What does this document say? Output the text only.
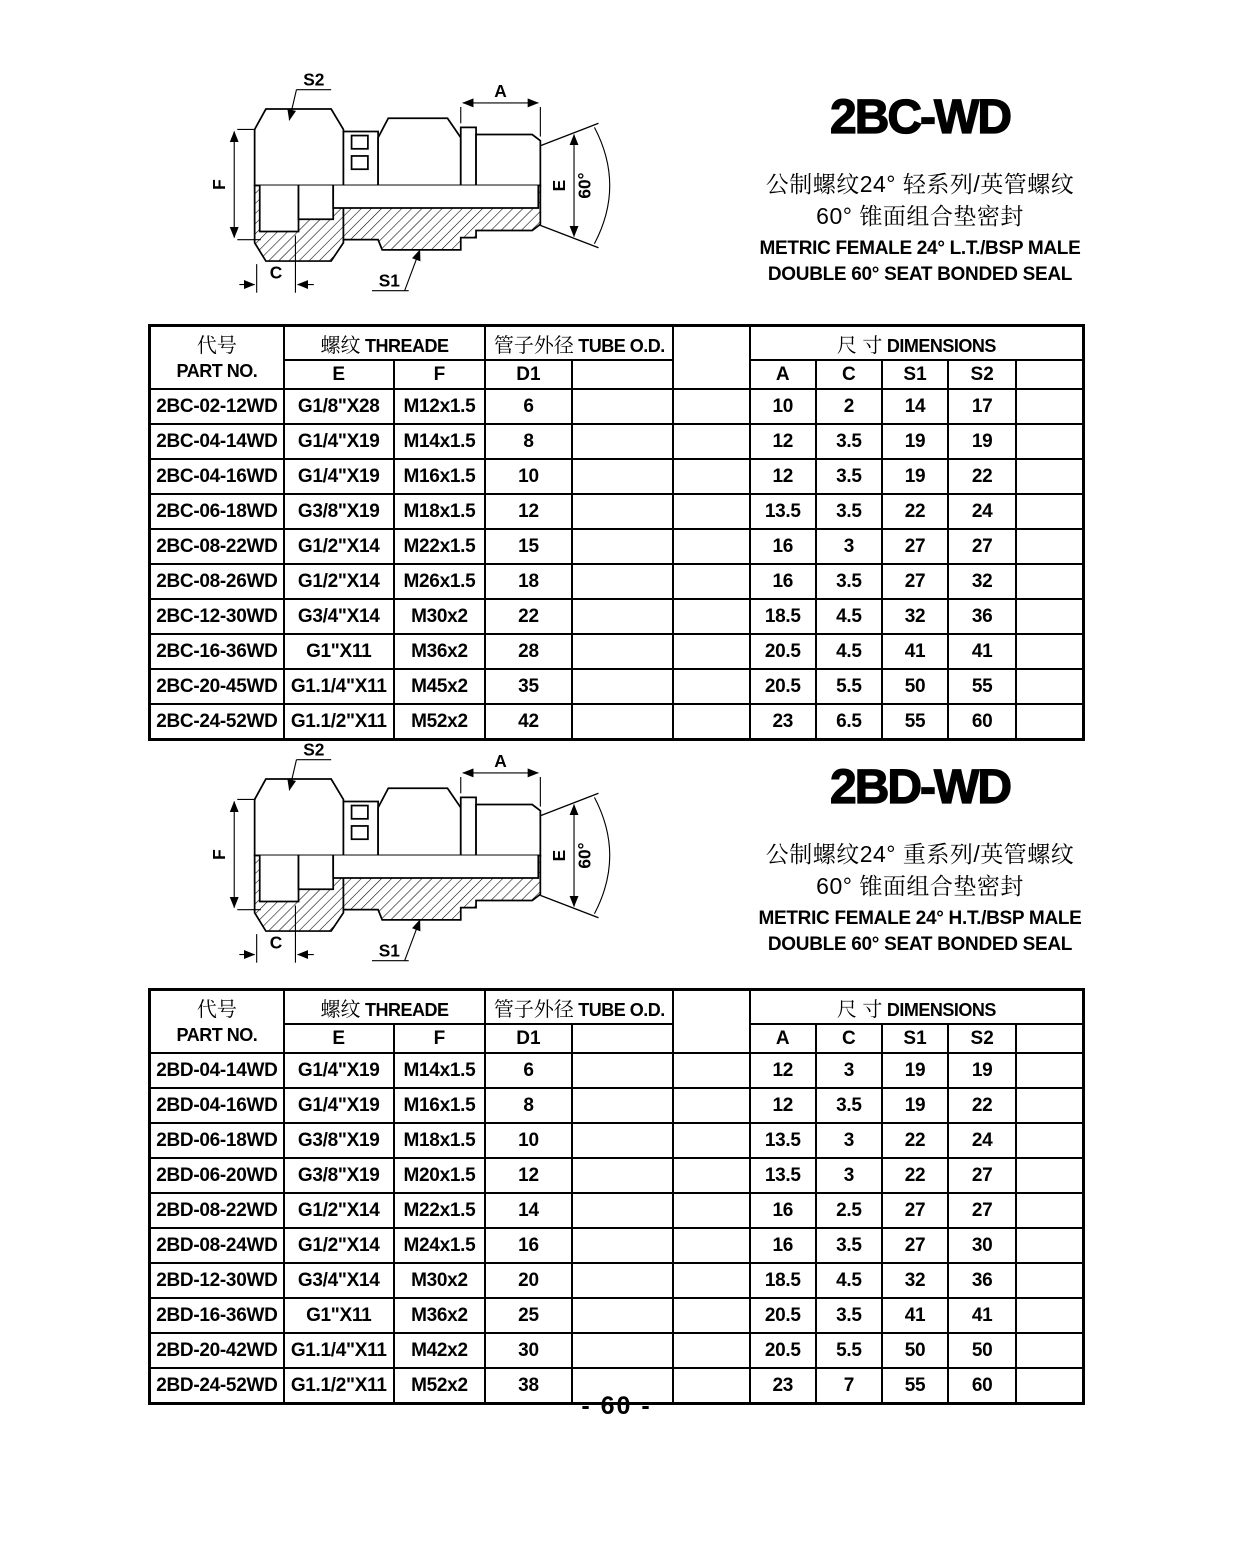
S2
A
F	E 60°
C	S1
2BC-WD
公制螺纹24° 轻系列/英管螺纹
60° 锥面组合垫密封
METRIC FEMALE 24° L.T./BSP MALE
DOUBLE 60° SEAT BONDED SEAL
代号
PART NO.	螺纹 THREADE		管子外径 TUBE O.D.			尺 寸 DIMENSIONS				
	E	F	D1			A	C	S1	S2	
2BC-02-12WD	G1/8"X28	M12x1.5	6			10	2	14	17	
2BC-04-14WD	G1/4"X19	M14x1.5	8			12	3.5	19	19	
2BC-04-16WD	G1/4"X19	M16x1.5	10			12	3.5	19	22	
2BC-06-18WD	G3/8"X19	M18x1.5	12			13.5	3.5	22	24	
2BC-08-22WD	G1/2"X14	M22x1.5	15			16	3	27	27	
2BC-08-26WD	G1/2"X14	M26x1.5	18			16	3.5	27	32	
2BC-12-30WD	G3/4"X14	M30x2	22			18.5	4.5	32	36	
2BC-16-36WD	G1"X11	M36x2	28			20.5	4.5	41	41	
2BC-20-45WD	G1.1/4"X11	M45x2	35			20.5	5.5	50	55	
2BC-24-52WD	G1.1/2"X11	M52x2	42			23	6.5	55	60	
S2
A
F	E 60°
C	S1
2BD-WD
公制螺纹24° 重系列/英管螺纹
60° 锥面组合垫密封
METRIC FEMALE 24° H.T./BSP MALE
DOUBLE 60° SEAT BONDED SEAL
代号
PART NO.	螺纹 THREADE		管子外径 TUBE O.D.			尺 寸 DIMENSIONS				
	E	F	D1			A	C	S1	S2	
2BD-04-14WD	G1/4"X19	M14x1.5	6			12	3	19	19	
2BD-04-16WD	G1/4"X19	M16x1.5	8			12	3.5	19	22	
2BD-06-18WD	G3/8"X19	M18x1.5	10			13.5	3	22	24	
2BD-06-20WD	G3/8"X19	M20x1.5	12			13.5	3	22	27	
2BD-08-22WD	G1/2"X14	M22x1.5	14			16	2.5	27	27	
2BD-08-24WD	G1/2"X14	M24x1.5	16			16	3.5	27	30	
2BD-12-30WD	G3/4"X14	M30x2	20			18.5	4.5	32	36	
2BD-16-36WD	G1"X11	M36x2	25			20.5	3.5	41	41	
2BD-20-42WD	G1.1/4"X11	M42x2	30			20.5	5.5	50	50	
2BD-24-52WD	G1.1/2"X11	M52x2	38			23	7	55	60	
- 60 -
